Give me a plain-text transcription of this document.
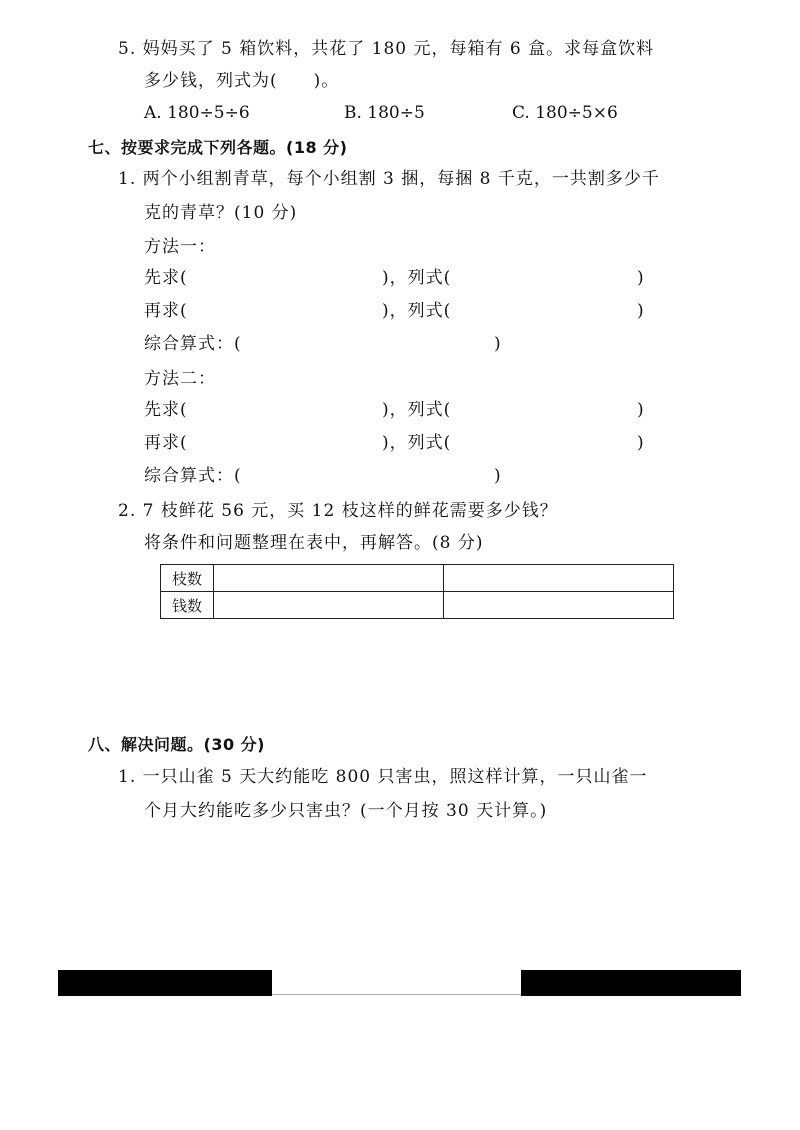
5. 妈妈买了 5 箱饮料，共花了 180 元，每箱有 6 盒。求每盒饮料
多少钱，列式为(　　)。
A. 180÷5÷6	B. 180÷5	C. 180÷5×6
七、按要求完成下列各题。(18 分)
1. 两个小组割青草，每个小组割 3 捆，每捆 8 千克，一共割多少千
克的青草？(10 分)
方法一：
先求(	)，列式(	)
再求(	)，列式(	)
综合算式：(	)
方法二：
先求(	)，列式(	)
再求(	)，列式(	)
综合算式：(	)
2. 7 枝鲜花 56 元，买 12 枝这样的鲜花需要多少钱？
将条件和问题整理在表中，再解答。(8 分)
枝数		
钱数		
八、解决问题。(30 分)
1. 一只山雀 5 天大约能吃 800 只害虫，照这样计算，一只山雀一
个月大约能吃多少只害虫？(一个月按 30 天计算。)
